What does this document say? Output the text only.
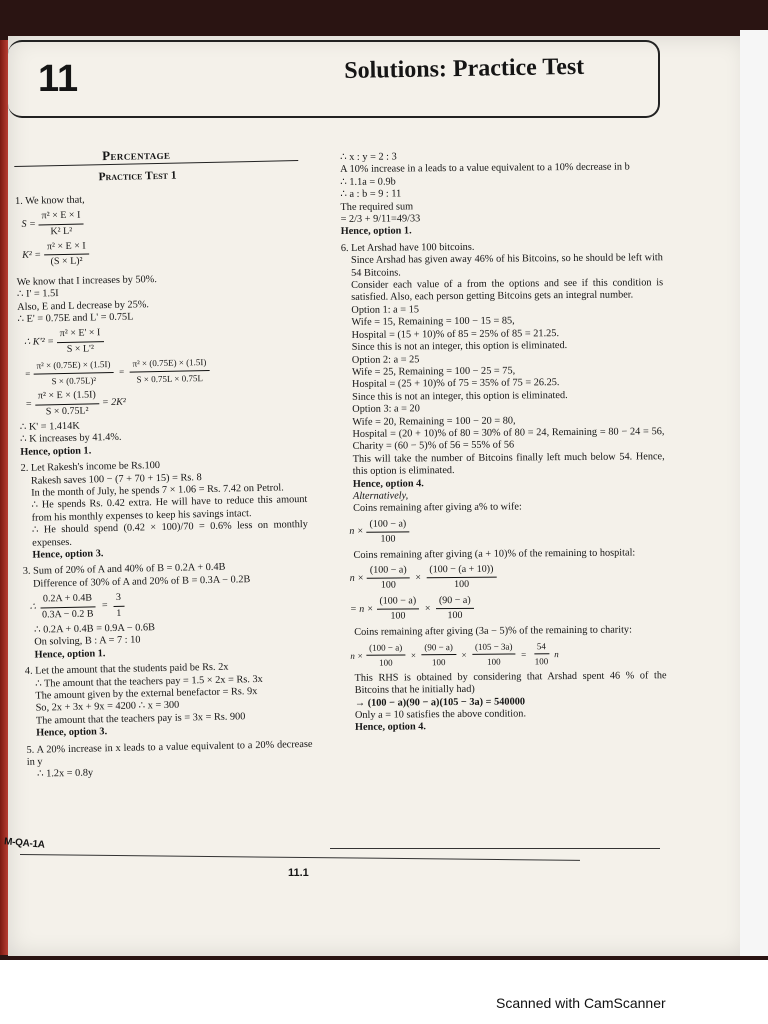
11	Solutions: Practice Test
Percentage
Practice Test 1
1. We know that,
$S = \frac{\text{π² × E × I}}{\text{K² L²}}$
$K^2 = \frac{\text{π² × E × I}}{\text{(S × L)²}}$
We know that I increases by 50%.
∴ I' = 1.5I
Also, E and L decrease by 25%.
∴ E' = 0.75E and L' = 0.75L
∴ $K'^2 = \frac{\text{π² × E' × I}}{\text{S × L'²}}$
= $\frac{\text{π² × (0.75E) × (1.5I)}}{\text{S × (0.75L)²}} = \frac{\text{π² × (0.75E) × (1.5I)}}{S \times 0.75L \times 0.75L}$
= $\frac{\text{π² × E × (1.5I)}}{\text{S × 0.75L²}} = 2K^2$
∴ K' = 1.414K
∴ K increases by 41.4%.
Hence, option 1.
2. Let Rakesh's income be Rs.100
Rakesh saves 100 − (7 + 70 + 15) = Rs. 8
In the month of July, he spends 7 × 1.06 = Rs. 7.42 on Petrol.
∴ He spends Rs. 0.42 extra. He will have to reduce this amount from his monthly expenses to keep his savings intact.
∴ He should spend (0.42 × 100)/70 = 0.6% less on monthly expenses.
Hence, option 3.
3. Sum of 20% of A and 40% of B = 0.2A + 0.4B
Difference of 30% of A and 20% of B = 0.3A − 0.2B
∴ $\frac{0.2A + 0.4B}{0.3A - 0.2 B} = \frac{3}{1}$
∴ 0.2A + 0.4B = 0.9A − 0.6B
On solving, B : A = 7 : 10
Hence, option 1.
4. Let the amount that the students paid be Rs. 2x
∴ The amount that the teachers pay = 1.5 × 2x = Rs. 3x
The amount given by the external benefactor = Rs. 9x
So, 2x + 3x + 9x = 4200 ∴ x = 300
The amount that the teachers pay is = 3x = Rs. 900
Hence, option 3.
5. A 20% increase in x leads to a value equivalent to a 20% decrease in y
∴ 1.2x = 0.8y
∴ x : y = 2 : 3
A 10% increase in a leads to a value equivalent to a 10% decrease in b
∴ 1.1a = 0.9b
∴ a : b = 9 : 11
The required sum
= 2/3 + 9/11=49/33
Hence, option 1.
6. Let Arshad have 100 bitcoins.
Since Arshad has given away 46% of his Bitcoins, so he should be left with 54 Bitcoins.
Consider each value of a from the options and see if this condition is satisfied. Also, each person getting Bitcoins gets an integral number.
Option 1: a = 15
Wife = 15, Remaining = 100 − 15 = 85,
Hospital = (15 + 10)% of 85 = 25% of 85 = 21.25.
Since this is not an integer, this option is eliminated.
Option 2: a = 25
Wife = 25, Remaining = 100 − 25 = 75,
Hospital = (25 + 10)% of 75 = 35% of 75 = 26.25.
Since this is not an integer, this option is eliminated.
Option 3: a = 20
Wife = 20, Remaining = 100 − 20 = 80,
Hospital = (20 + 10)% of 80 = 30% of 80 = 24, Remaining = 80 − 24 = 56, Charity = (60 − 5)% of 56 = 55% of 56
This will take the number of Bitcoins finally left much below 54. Hence, this option is eliminated.
Hence, option 4.
Alternatively,
Coins remaining after giving a% to wife:
$n \times \frac{(100 - a)}{100}$
Coins remaining after giving (a + 10)% of the remaining to hospital:
$n \times \frac{(100 - a)}{100} \times \frac{(100 - (a + 10))}{100}$
= $n \times \frac{(100 - a)}{100} \times \frac{(90 - a)}{100}$
Coins remaining after giving (3a − 5)% of the remaining to charity:
$n \times \frac{(100 - a)}{100} \times \frac{(90 - a)}{100} \times \frac{(105 - 3a)}{100} = \frac{54}{100}$ n
This RHS is obtained by considering that Arshad spent 46 % of the Bitcoins that he initially had)
→ (100 − a)(90 − a)(105 − 3a) = 540000
Only a = 10 satisfies the above condition.
Hence, option 4.
M-QA-1A
11.1
Scanned with CamScanner
